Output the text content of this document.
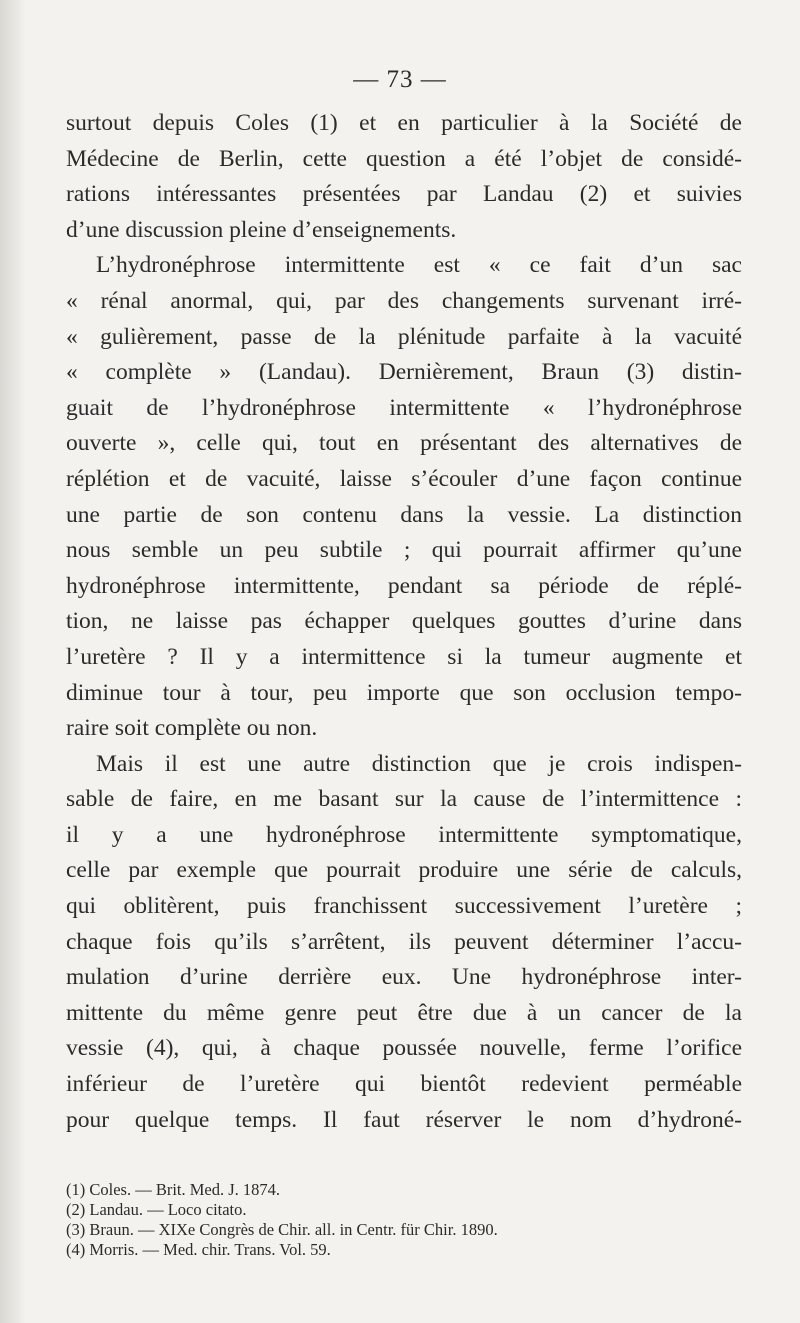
— 73 —
surtout depuis Coles (1) et en particulier à la Société de
Médecine de Berlin, cette question a été l’objet de considé-
rations intéressantes présentées par Landau (2) et suivies
d’une discussion pleine d’enseignements.
L’hydronéphrose intermittente est « ce fait d’un sac
« rénal anormal, qui, par des changements survenant irré-
« gulièrement, passe de la plénitude parfaite à la vacuité
« complète » (Landau). Dernièrement, Braun (3) distin-
guait de l’hydronéphrose intermittente « l’hydronéphrose
ouverte », celle qui, tout en présentant des alternatives de
réplétion et de vacuité, laisse s’écouler d’une façon continue
une partie de son contenu dans la vessie. La distinction
nous semble un peu subtile ; qui pourrait affirmer qu’une
hydronéphrose intermittente, pendant sa période de réplé-
tion, ne laisse pas échapper quelques gouttes d’urine dans
l’uretère ? Il y a intermittence si la tumeur augmente et
diminue tour à tour, peu importe que son occlusion tempo-
raire soit complète ou non.
Mais il est une autre distinction que je crois indispen-
sable de faire, en me basant sur la cause de l’intermittence :
il y a une hydronéphrose intermittente symptomatique,
celle par exemple que pourrait produire une série de calculs,
qui oblitèrent, puis franchissent successivement l’uretère ;
chaque fois qu’ils s’arrêtent, ils peuvent déterminer l’accu-
mulation d’urine derrière eux. Une hydronéphrose inter-
mittente du même genre peut être due à un cancer de la
vessie (4), qui, à chaque poussée nouvelle, ferme l’orifice
inférieur de l’uretère qui bientôt redevient perméable
pour quelque temps. Il faut réserver le nom d’hydroné-
(1) Coles. — Brit. Med. J. 1874.
(2) Landau. — Loco citato.
(3) Braun. — XIXe Congrès de Chir. all. in Centr. für Chir. 1890.
(4) Morris. — Med. chir. Trans. Vol. 59.
